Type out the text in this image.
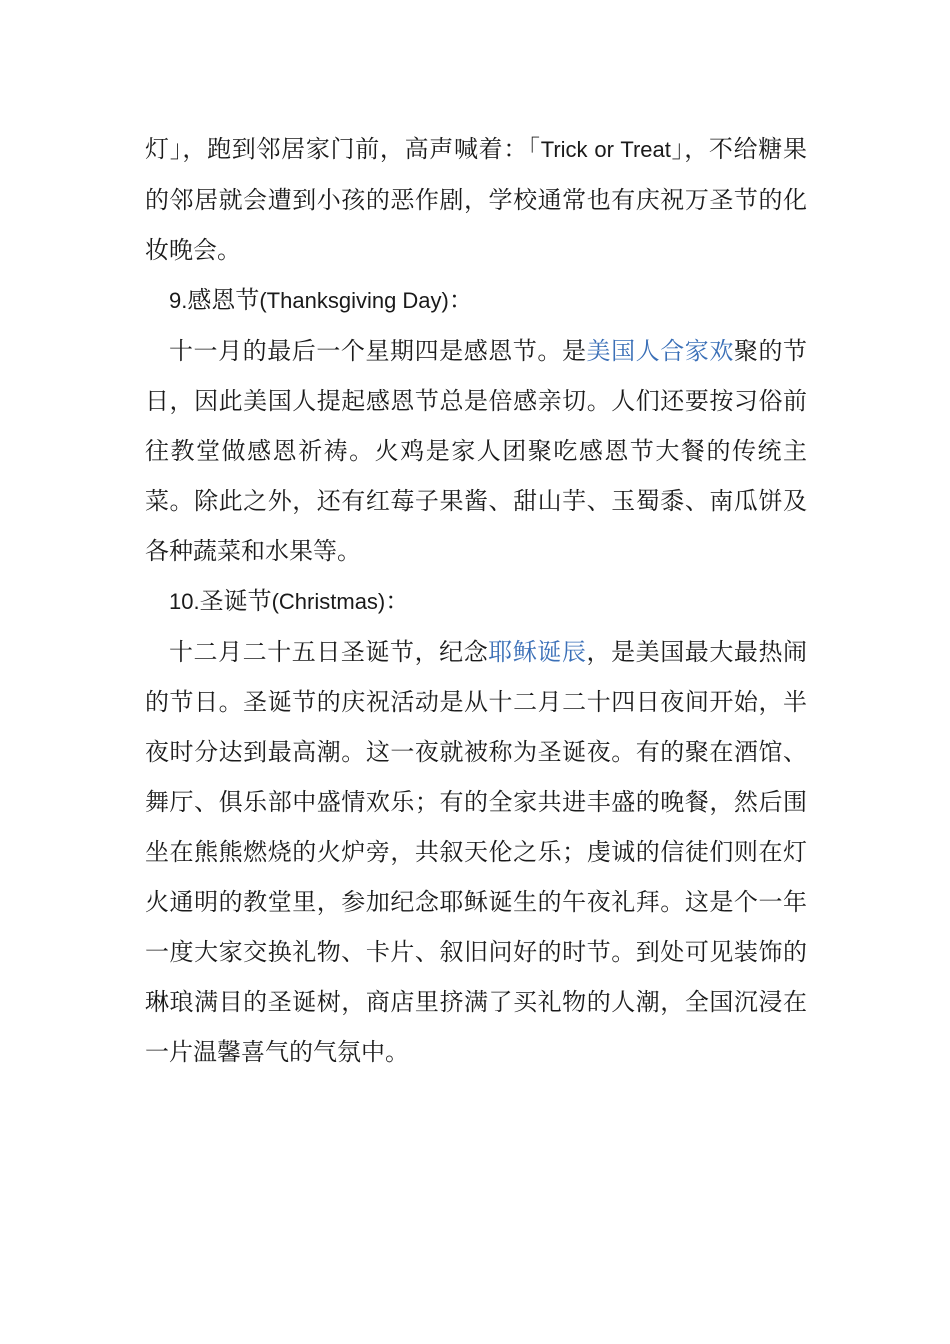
灯」，跑到邻居家门前，高声喊着：「Trick or Treat」，不给糖果的邻居就会遭到小孩的恶作剧，学校通常也有庆祝万圣节的化妆晚会。

9.感恩节(Thanksgiving Day)：

十一月的最后一个星期四是感恩节。是美国人合家欢聚的节日，因此美国人提起感恩节总是倍感亲切。人们还要按习俗前往教堂做感恩祈祷。火鸡是家人团聚吃感恩节大餐的传统主菜。除此之外，还有红莓子果酱、甜山芋、玉蜀黍、南瓜饼及各种蔬菜和水果等。

10.圣诞节(Christmas)：

十二月二十五日圣诞节，纪念耶稣诞辰，是美国最大最热闹的节日。圣诞节的庆祝活动是从十二月二十四日夜间开始，半夜时分达到最高潮。这一夜就被称为圣诞夜。有的聚在酒馆、舞厅、俱乐部中盛情欢乐；有的全家共进丰盛的晚餐，然后围坐在熊熊燃烧的火炉旁，共叙天伦之乐；虔诚的信徒们则在灯火通明的教堂里，参加纪念耶稣诞生的午夜礼拜。这是个一年一度大家交换礼物、卡片、叙旧问好的时节。到处可见装饰的琳琅满目的圣诞树，商店里挤满了买礼物的人潮，全国沉浸在一片温馨喜气的气氛中。
